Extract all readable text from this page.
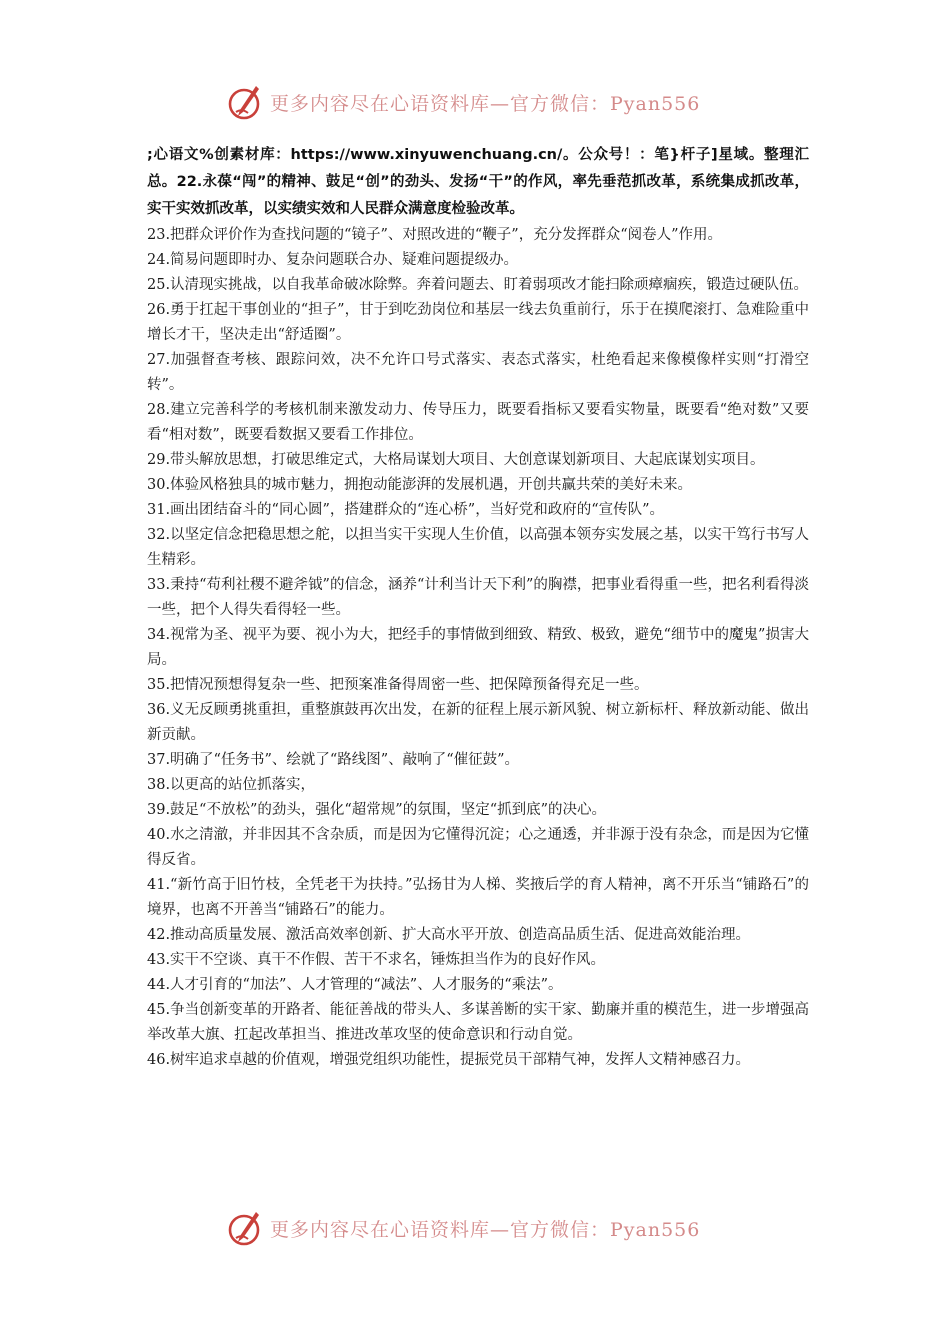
更多内容尽在心语资料库—官方微信：Pyan556

;心语文%创素材库：https://www.xinyuwenchuang.cn/。公众号！：笔}杆子]星域。整理汇总。22.永葆“闯”的精神、鼓足“创”的劲头、发扬“干”的作风，率先垂范抓改革，系统集成抓改革，实干实效抓改革，以实绩实效和人民群众满意度检验改革。

23.把群众评价作为查找问题的“镜子”、对照改进的“鞭子”，充分发挥群众“阅卷人”作用。

24.简易问题即时办、复杂问题联合办、疑难问题提级办。

25.认清现实挑战，以自我革命破冰除弊。奔着问题去、盯着弱项改才能扫除顽瘴痼疾，锻造过硬队伍。

26.勇于扛起干事创业的“担子”，甘于到吃劲岗位和基层一线去负重前行，乐于在摸爬滚打、急难险重中增长才干，坚决走出“舒适圈”。

27.加强督查考核、跟踪问效，决不允许口号式落实、表态式落实，杜绝看起来像模像样实则“打滑空转”。

28.建立完善科学的考核机制来激发动力、传导压力，既要看指标又要看实物量，既要看“绝对数”又要看“相对数”，既要看数据又要看工作排位。

29.带头解放思想，打破思维定式，大格局谋划大项目、大创意谋划新项目、大起底谋划实项目。

30.体验风格独具的城市魅力，拥抱动能澎湃的发展机遇，开创共赢共荣的美好未来。

31.画出团结奋斗的“同心圆”，搭建群众的“连心桥”，当好党和政府的“宣传队”。

32.以坚定信念把稳思想之舵，以担当实干实现人生价值，以高强本领夯实发展之基，以实干笃行书写人生精彩。

33.秉持“苟利社稷不避斧钺”的信念，涵养“计利当计天下利”的胸襟，把事业看得重一些，把名利看得淡一些，把个人得失看得轻一些。

34.视常为圣、视平为要、视小为大，把经手的事情做到细致、精致、极致，避免“细节中的魔鬼”损害大局。

35.把情况预想得复杂一些、把预案准备得周密一些、把保障预备得充足一些。

36.义无反顾勇挑重担，重整旗鼓再次出发，在新的征程上展示新风貌、树立新标杆、释放新动能、做出新贡献。

37.明确了“任务书”、绘就了“路线图”、敲响了“催征鼓”。

38.以更高的站位抓落实，

39.鼓足“不放松”的劲头，强化“超常规”的氛围，坚定“抓到底”的决心。

40.水之清澈，并非因其不含杂质，而是因为它懂得沉淀；心之通透，并非源于没有杂念，而是因为它懂得反省。

41.“新竹高于旧竹枝，全凭老干为扶持。”弘扬甘为人梯、奖掖后学的育人精神，离不开乐当“铺路石”的境界，也离不开善当“铺路石”的能力。

42.推动高质量发展、激活高效率创新、扩大高水平开放、创造高品质生活、促进高效能治理。

43.实干不空谈、真干不作假、苦干不求名，锤炼担当作为的良好作风。

44.人才引育的“加法”、人才管理的“减法”、人才服务的“乘法”。

45.争当创新变革的开路者、能征善战的带头人、多谋善断的实干家、勤廉并重的模范生，进一步增强高举改革大旗、扛起改革担当、推进改革攻坚的使命意识和行动自觉。

46.树牢追求卓越的价值观，增强党组织功能性，提振党员干部精气神，发挥人文精神感召力。

更多内容尽在心语资料库—官方微信：Pyan556
